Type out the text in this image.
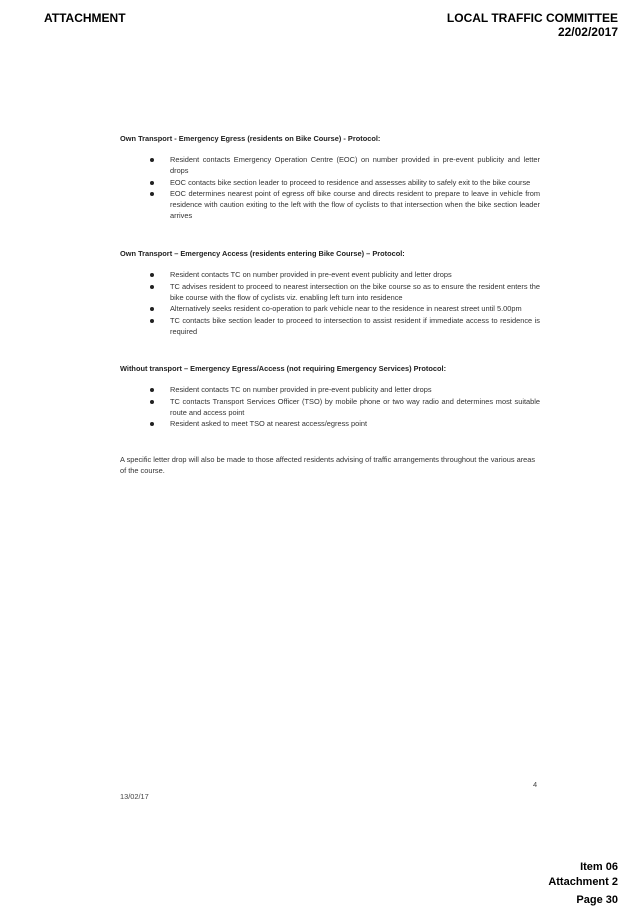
ATTACHMENT	LOCAL TRAFFIC COMMITTEE
22/02/2017
Own Transport - Emergency Egress (residents on Bike Course) - Protocol:
Resident contacts Emergency Operation Centre (EOC) on number provided in pre-event publicity and letter drops
EOC contacts bike section leader to proceed to residence and assesses ability to safely exit to the bike course
EOC determines nearest point of egress off bike course and directs resident to prepare to leave in vehicle from residence with caution exiting to the left with the flow of cyclists to that intersection when the bike section leader arrives
Own Transport – Emergency Access (residents entering Bike Course) – Protocol:
Resident contacts TC on number provided in pre-event event publicity and letter drops
TC advises resident to proceed to nearest intersection on the bike course so as to ensure the resident enters the bike course with the flow of cyclists viz. enabling left turn into residence
Alternatively seeks resident co-operation to park vehicle near to the residence in nearest street until 5.00pm
TC contacts bike section leader to proceed to intersection to assist resident if immediate access to residence is required
Without transport – Emergency Egress/Access (not requiring Emergency Services) Protocol:
Resident contacts TC on number provided in pre-event publicity and letter drops
TC contacts Transport Services Officer (TSO) by mobile phone or two way radio and determines most suitable route and access point
Resident asked to meet TSO at nearest access/egress point
A specific letter drop will also be made to those affected residents advising of traffic arrangements throughout the various areas of the course.
4
13/02/17
Item 06
Attachment 2
Page 30
